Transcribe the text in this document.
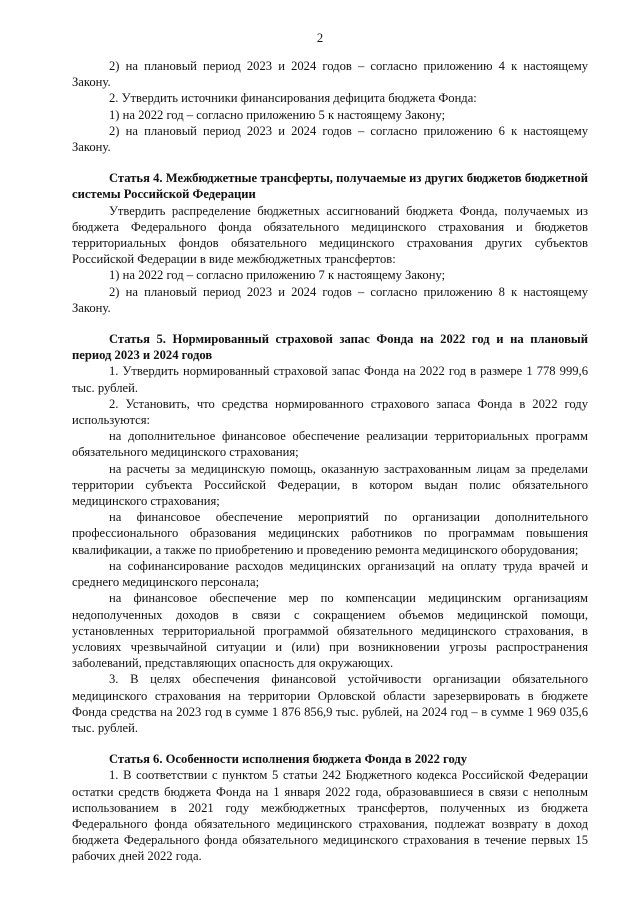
2

2) на плановый период 2023 и 2024 годов – согласно приложению 4 к настоящему Закону.

2. Утвердить источники финансирования дефицита бюджета Фонда:

1) на 2022 год – согласно приложению 5 к настоящему Закону;

2) на плановый период 2023 и 2024 годов – согласно приложению 6 к настоящему Закону.

Статья 4. Межбюджетные трансферты, получаемые из других бюджетов бюджетной системы Российской Федерации

Утвердить распределение бюджетных ассигнований бюджета Фонда, получаемых из бюджета Федерального фонда обязательного медицинского страхования и бюджетов территориальных фондов обязательного медицинского страхования других субъектов Российской Федерации в виде межбюджетных трансфертов:

1) на 2022 год – согласно приложению 7 к настоящему Закону;

2) на плановый период 2023 и 2024 годов – согласно приложению 8 к настоящему Закону.

Статья 5. Нормированный страховой запас Фонда на 2022 год и на плановый период 2023 и 2024 годов

1. Утвердить нормированный страховой запас Фонда на 2022 год в размере 1 778 999,6 тыс. рублей.

2. Установить, что средства нормированного страхового запаса Фонда в 2022 году используются:

на дополнительное финансовое обеспечение реализации территориальных программ обязательного медицинского страхования;

на расчеты за медицинскую помощь, оказанную застрахованным лицам за пределами территории субъекта Российской Федерации, в котором выдан полис обязательного медицинского страхования;

на финансовое обеспечение мероприятий по организации дополнительного профессионального образования медицинских работников по программам повышения квалификации, а также по приобретению и проведению ремонта медицинского оборудования;

на софинансирование расходов медицинских организаций на оплату труда врачей и среднего медицинского персонала;

на финансовое обеспечение мер по компенсации медицинским организациям недополученных доходов в связи с сокращением объемов медицинской помощи, установленных территориальной программой обязательного медицинского страхования, в условиях чрезвычайной ситуации и (или) при возникновении угрозы распространения заболеваний, представляющих опасность для окружающих.

3. В целях обеспечения финансовой устойчивости организации обязательного медицинского страхования на территории Орловской области зарезервировать в бюджете Фонда средства на 2023 год в сумме 1 876 856,9 тыс. рублей, на 2024 год – в сумме 1 969 035,6 тыс. рублей.

Статья 6. Особенности исполнения бюджета Фонда в 2022 году

1. В соответствии с пунктом 5 статьи 242 Бюджетного кодекса Российской Федерации остатки средств бюджета Фонда на 1 января 2022 года, образовавшиеся в связи с неполным использованием в 2021 году межбюджетных трансфертов, полученных из бюджета Федерального фонда обязательного медицинского страхования, подлежат возврату в доход бюджета Федерального фонда обязательного медицинского страхования в течение первых 15 рабочих дней 2022 года.
